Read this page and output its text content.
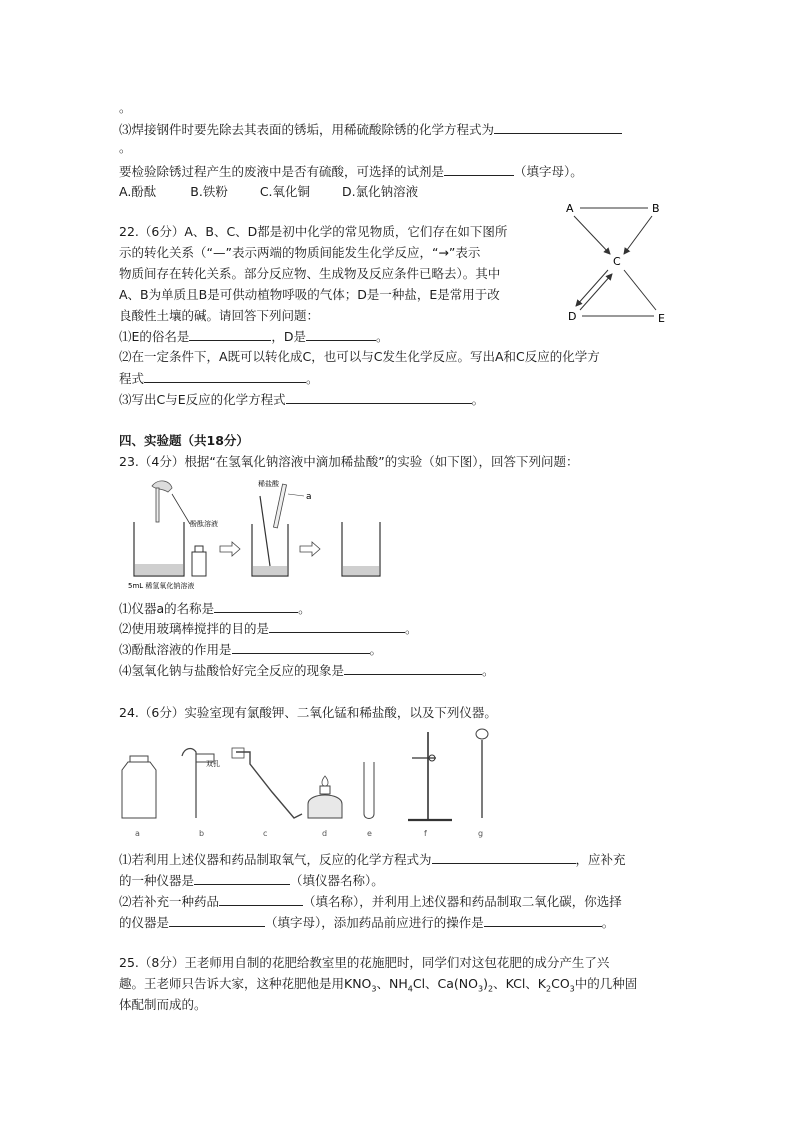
。
⑶焊接钢件时要先除去其表面的锈垢，用稀硫酸除锈的化学方程式为
。
要检验除锈过程产生的废液中是否有硫酸，可选择的试剂是	（填字母）。
A.酚酞	B.铁粉	C.氧化铜	D.氯化钠溶液
22.（6分）A、B、C、D都是初中化学的常见物质，它们存在如下图所
示的转化关系（“—”表示两端的物质间能发生化学反应，“→”表示
物质间存在转化关系。部分反应物、生成物及反应条件已略去）。其中
A、B为单质且B是可供动植物呼吸的气体；D是一种盐，E是常用于改
良酸性土壤的碱。请回答下列问题：
⑴E的俗名是	，D是	。
⑵在一定条件下，A既可以转化成C，也可以与C发生化学反应。写出A和C反应的化学方
程式	。
⑶写出C与E反应的化学方程式	。
A	B
C
D	E
四、实验题（共18分）
23.（4分）根据“在氢氧化钠溶液中滴加稀盐酸”的实验（如下图），回答下列问题：
酚酞溶液
5mL 稀氢氧化钠溶液
稀盐酸
a
⑴仪器a的名称是	。
⑵使用玻璃棒搅拌的目的是	。
⑶酚酞溶液的作用是	。
⑷氢氧化钠与盐酸恰好完全反应的现象是	。
24.（6分）实验室现有氯酸钾、二氧化锰和稀盐酸，以及下列仪器。
双孔
a	b	c	d	e	f	g
⑴若利用上述仪器和药品制取氧气，反应的化学方程式为	，应补充
的一种仪器是	（填仪器名称）。
⑵若补充一种药品	（填名称），并利用上述仪器和药品制取二氧化碳，你选择
的仪器是	（填字母），添加药品前应进行的操作是	。
25.（8分）王老师用自制的花肥给教室里的花施肥时，同学们对这包花肥的成分产生了兴
趣。王老师只告诉大家，这种花肥他是用$KNO_3$、$NH_4Cl$、$Ca(NO_3)_2$、KCl、$K_2CO_3$中的几种固
体配制而成的。
